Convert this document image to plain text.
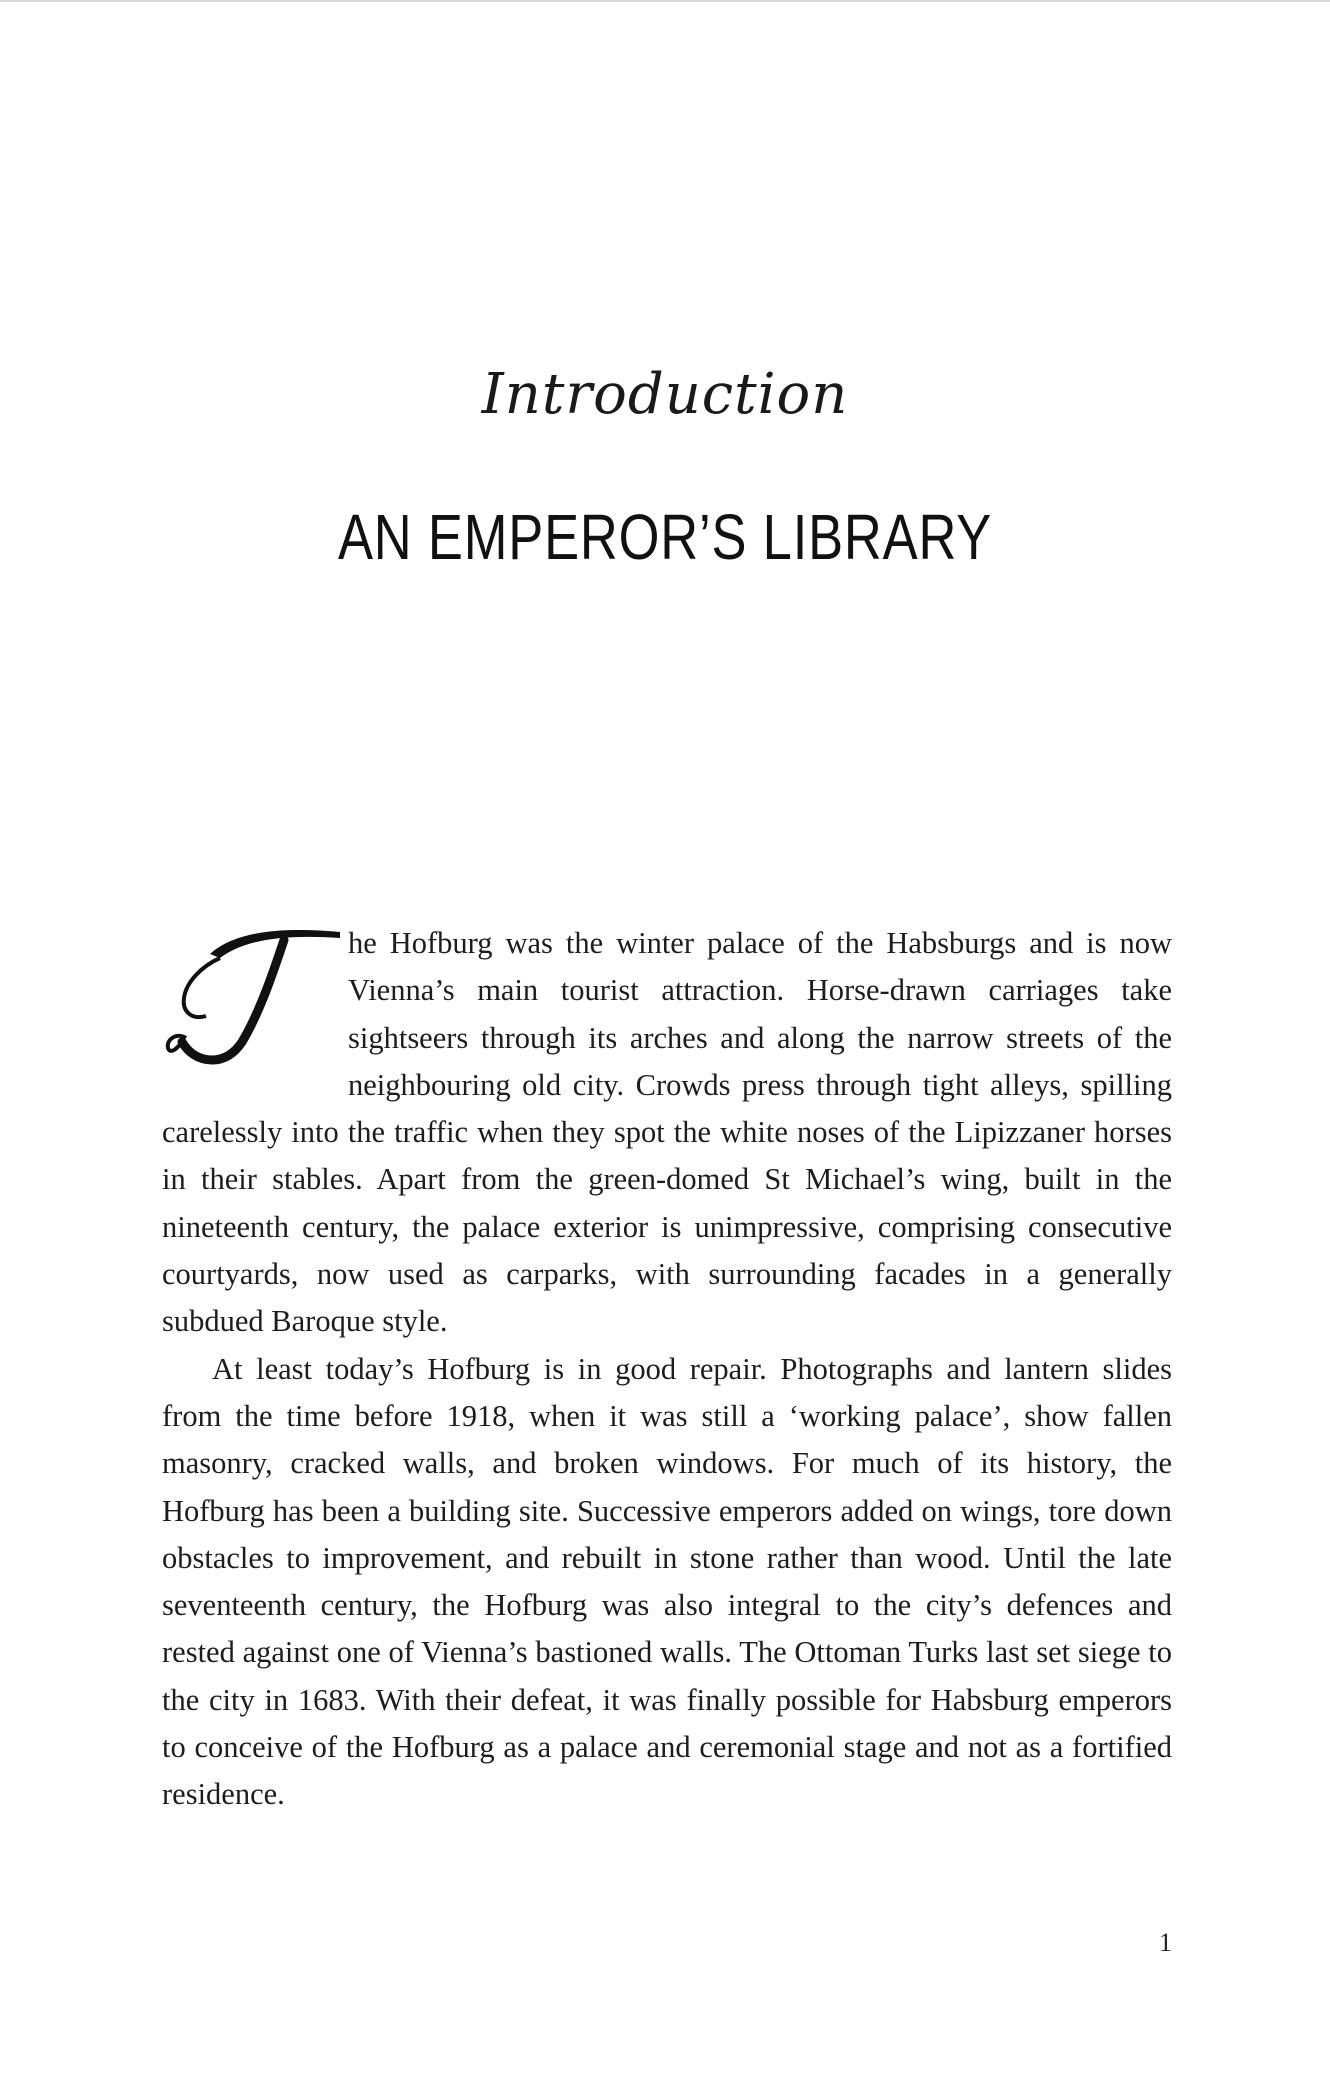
Introduction
AN EMPEROR’S LIBRARY

he Hofburg was the winter palace of the Habsburgs and is now Vienna’s main tourist attraction. Horse-drawn carriages take sightseers through its arches and along the narrow streets of the neighbouring old city. Crowds press through tight alleys, spilling carelessly into the traffic when they spot the white noses of the Lipizzaner horses in their stables. Apart from the green-domed St Michael’s wing, built in the nineteenth century, the palace exterior is unimpressive, comprising consecutive courtyards, now used as carparks, with surrounding facades in a generally subdued Baroque style.

At least today’s Hofburg is in good repair. Photographs and lantern slides from the time before 1918, when it was still a ‘working palace’, show fallen masonry, cracked walls, and broken windows. For much of its history, the Hofburg has been a building site. Successive emperors added on wings, tore down obstacles to improvement, and rebuilt in stone rather than wood. Until the late seventeenth century, the Hofburg was also integral to the city’s defences and rested against one of Vienna’s bastioned walls. The Ottoman Turks last set siege to the city in 1683. With their defeat, it was finally possible for Habsburg emperors to conceive of the Hofburg as a palace and ceremonial stage and not as a fortified residence.

1
